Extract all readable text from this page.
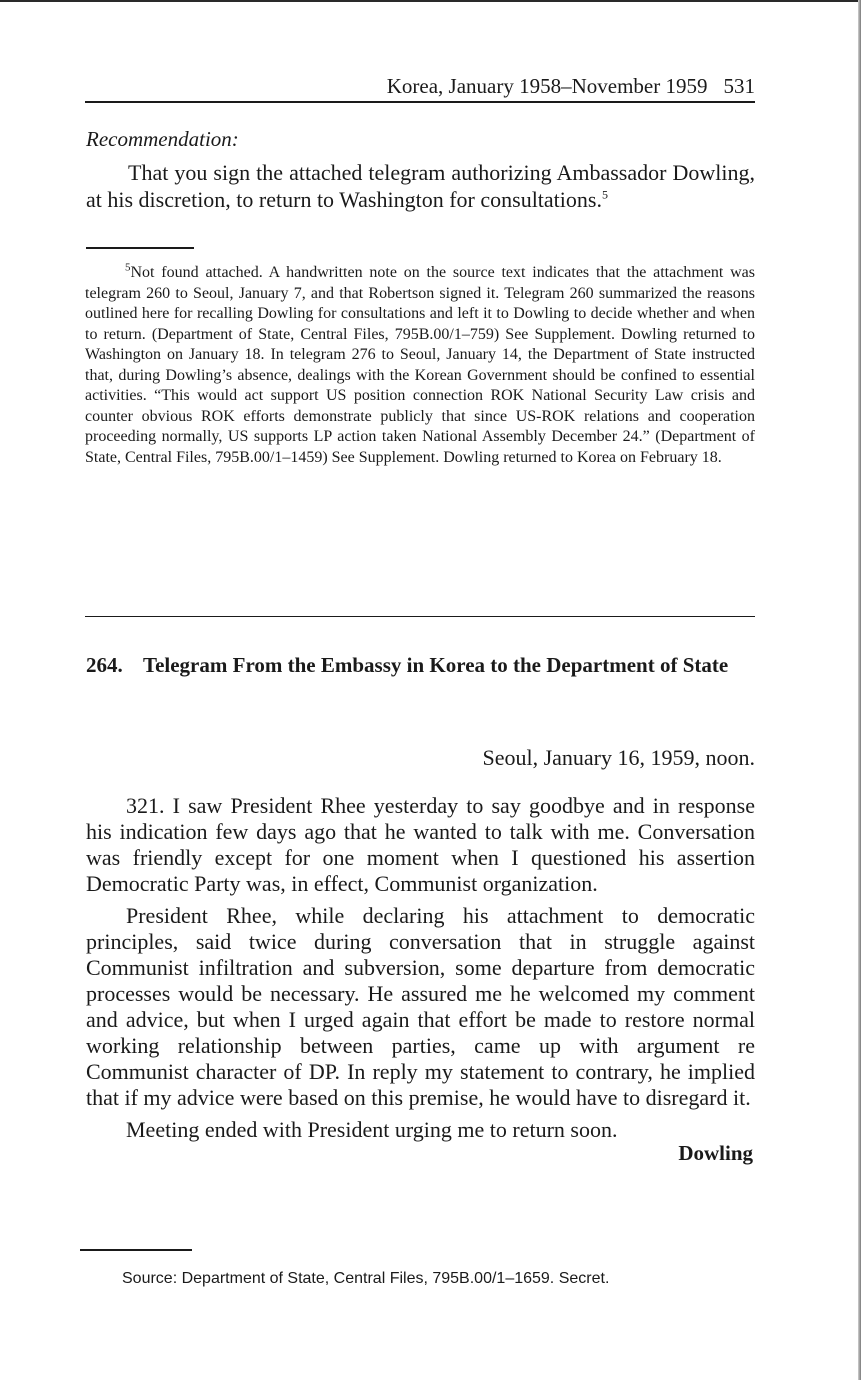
Korea, January 1958–November 1959 531
Recommendation:
That you sign the attached telegram authorizing Ambassador Dowling, at his discretion, to return to Washington for consultations.$^5$
$^5$Not found attached. A handwritten note on the source text indicates that the attachment was telegram 260 to Seoul, January 7, and that Robertson signed it. Telegram 260 summarized the reasons outlined here for recalling Dowling for consultations and left it to Dowling to decide whether and when to return. (Department of State, Central Files, 795B.00/1–759) See Supplement. Dowling returned to Washington on January 18. In telegram 276 to Seoul, January 14, the Department of State instructed that, during Dowling’s absence, dealings with the Korean Government should be confined to essential activities. “This would act support US position connection ROK National Security Law crisis and counter obvious ROK efforts demonstrate publicly that since US-ROK relations and cooperation proceeding normally, US supports LP action taken National Assembly December 24.” (Department of State, Central Files, 795B.00/1–1459) See Supplement. Dowling returned to Korea on February 18.
264. Telegram From the Embassy in Korea to the Department of State
Seoul, January 16, 1959, noon.

321. I saw President Rhee yesterday to say goodbye and in response his indication few days ago that he wanted to talk with me. Conversation was friendly except for one moment when I questioned his assertion Democratic Party was, in effect, Communist organization.

President Rhee, while declaring his attachment to democratic principles, said twice during conversation that in struggle against Communist infiltration and subversion, some departure from democratic processes would be necessary. He assured me he welcomed my comment and advice, but when I urged again that effort be made to restore normal working relationship between parties, came up with argument re Communist character of DP. In reply my statement to contrary, he implied that if my advice were based on this premise, he would have to disregard it.

Meeting ended with President urging me to return soon.

Dowling
Source: Department of State, Central Files, 795B.00/1–1659. Secret.
